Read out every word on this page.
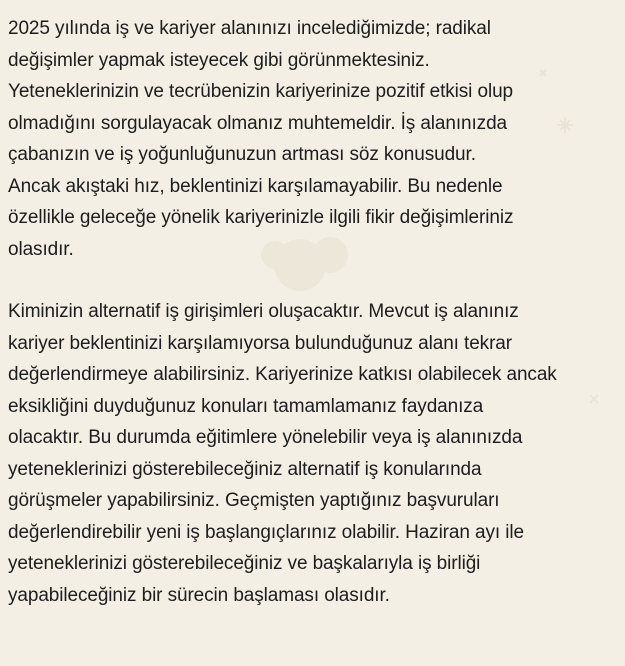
2025 yılında iş ve kariyer alanınızı incelediğimizde; radikal
değişimler yapmak isteyecek gibi görünmektesiniz.
Yeteneklerinizin ve tecrübenizin kariyerinize pozitif etkisi olup
olmadığını sorgulayacak olmanız muhtemeldir. İş alanınızda
çabanızın ve iş yoğunluğunuzun artması söz konusudur.
Ancak akıştaki hız, beklentinizi karşılamayabilir. Bu nedenle
özellikle geleceğe yönelik kariyerinizle ilgili fikir değişimleriniz
olasıdır.

Kiminizin alternatif iş girişimleri oluşacaktır. Mevcut iş alanınız
kariyer beklentinizi karşılamıyorsa bulunduğunuz alanı tekrar
değerlendirmeye alabilirsiniz. Kariyerinize katkısı olabilecek ancak
eksikliğini duyduğunuz konuları tamamlamanız faydanıza
olacaktır. Bu durumda eğitimlere yönelebilir veya iş alanınızda
yeteneklerinizi gösterebileceğiniz alternatif iş konularında
görüşmeler yapabilirsiniz. Geçmişten yaptığınız başvuruları
değerlendirebilir yeni iş başlangıçlarınız olabilir. Haziran ayı ile
yeteneklerinizi gösterebileceğiniz ve başkalarıyla iş birliği
yapabileceğiniz bir sürecin başlaması olasıdır.
